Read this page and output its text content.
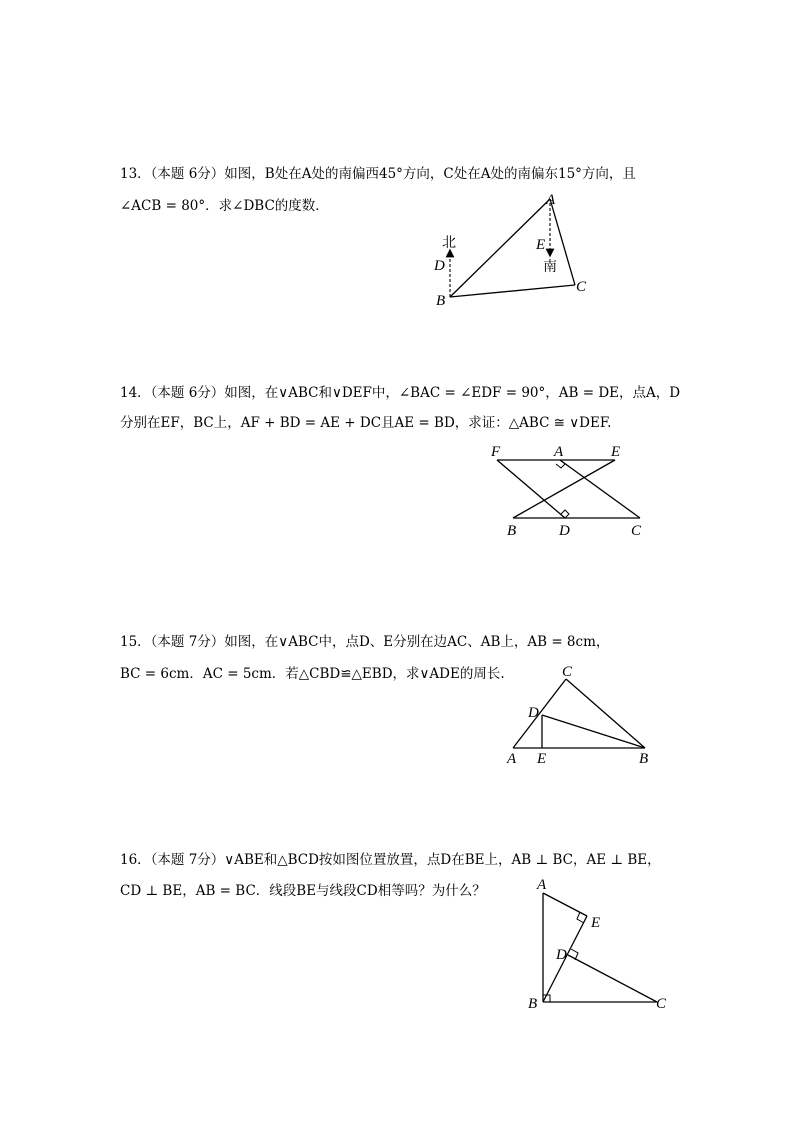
13．（本题 6分）如图，B处在A处的南偏西45°方向，C处在A处的南偏东15°方向，且
∠ACB = 80°．求∠DBC的度数．	A
B
C
D
E
北
南
14．（本题 6分）如图，在∨ABC和∨DEF中，∠BAC = ∠EDF = 90°，AB = DE，点A，D
分别在EF，BC上，AF + BD = AE + DC且AE = BD，求证：△ABC ≅ ∨DEF.
F	A	E
B	D	C
15．（本题 7分）如图，在∨ABC中，点D、E分别在边AC、AB上，AB = 8cm，
BC = 6cm．AC = 5cm．若△CBD≌△EBD，求∨ADE的周长.	C
D
A E	B
16．（本题 7分）∨ABE和△BCD按如图位置放置，点D在BE上，AB ⊥ BC，AE ⊥ BE，
CD ⊥ BE，AB = BC．线段BE与线段CD相等吗？为什么？	A
E
D
B	C
